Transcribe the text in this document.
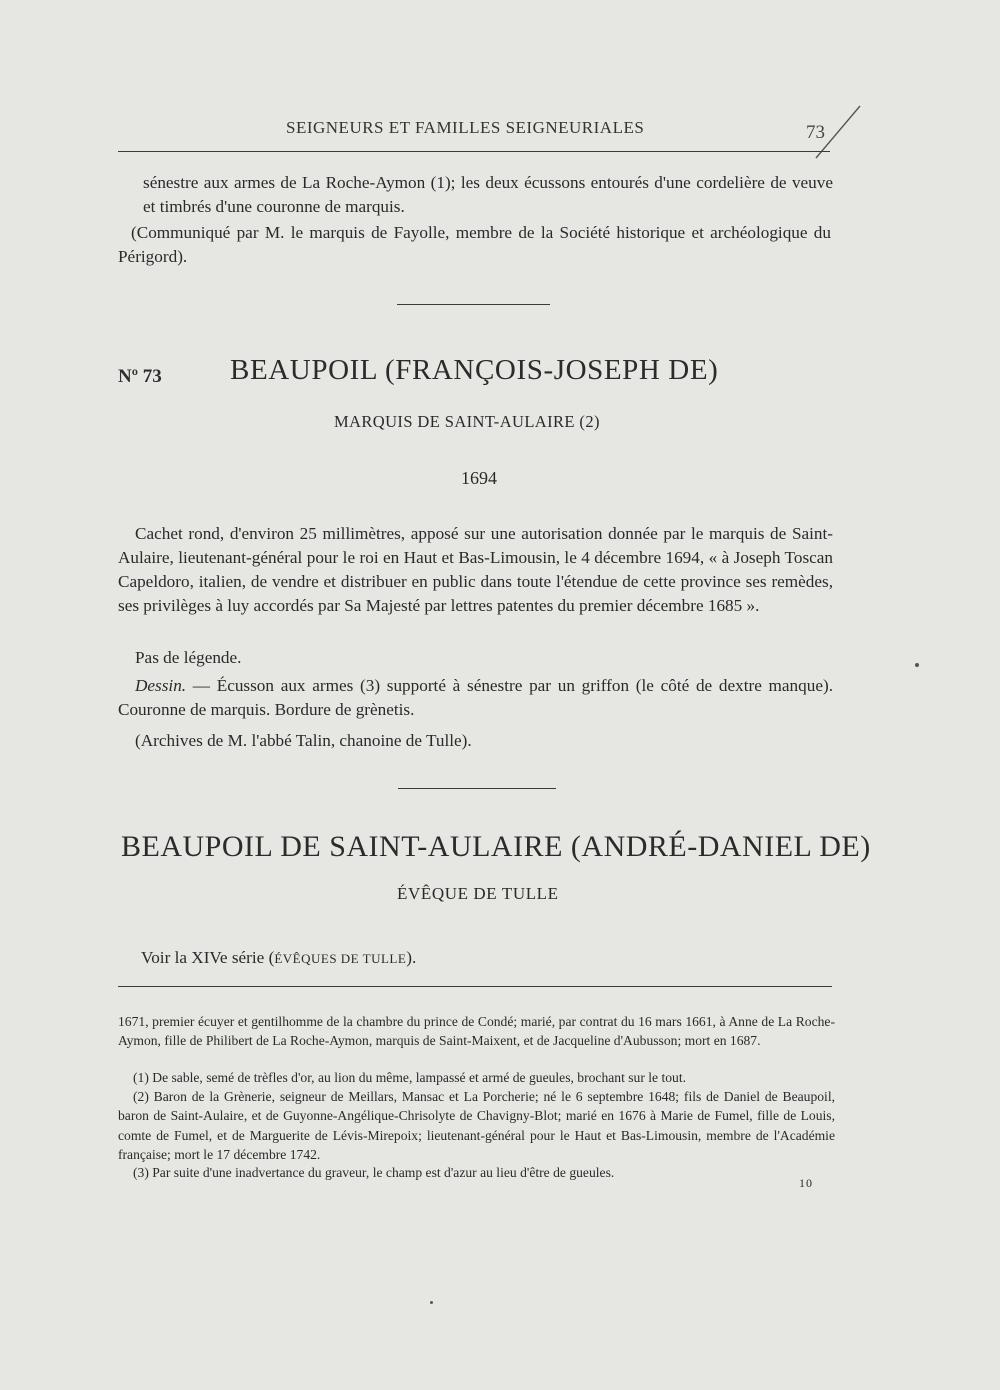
SEIGNEURS ET FAMILLES SEIGNEURIALES	73

sénestre aux armes de La Roche-Aymon (1); les deux écussons entourés d'une cordelière de veuve et timbrés d'une couronne de marquis.

(Communiqué par M. le marquis de Fayolle, membre de la Société historique et archéologique du Périgord).

Nº 73 BEAUPOIL (FRANÇOIS-JOSEPH DE)
MARQUIS DE SAINT-AULAIRE (2)
1694

Cachet rond, d'environ 25 millimètres, apposé sur une autorisation donnée par le marquis de Saint-Aulaire, lieutenant-général pour le roi en Haut et Bas-Limousin, le 4 décembre 1694, « à Joseph Toscan Capeldoro, italien, de vendre et distribuer en public dans toute l'étendue de cette province ses remèdes, ses privilèges à luy accordés par Sa Majesté par lettres patentes du premier décembre 1685 ».

Pas de légende.

Dessin. — Écusson aux armes (3) supporté à sénestre par un griffon (le côté de dextre manque). Couronne de marquis. Bordure de grènetis.

(Archives de M. l'abbé Talin, chanoine de Tulle).

BEAUPOIL DE SAINT-AULAIRE (ANDRÉ-DANIEL DE)
ÉVÊQUE DE TULLE

Voir la XIVe série (ÉVÊQUES DE TULLE).

1671, premier écuyer et gentilhomme de la chambre du prince de Condé; marié, par contrat du 16 mars 1661, à Anne de La Roche-Aymon, fille de Philibert de La Roche-Aymon, marquis de Saint-Maixent, et de Jacqueline d'Aubusson; mort en 1687.

(1) De sable, semé de trèfles d'or, au lion du même, lampassé et armé de gueules, brochant sur le tout.

(2) Baron de la Grènerie, seigneur de Meillars, Mansac et La Porcherie; né le 6 septembre 1648; fils de Daniel de Beaupoil, baron de Saint-Aulaire, et de Guyonne-Angélique-Chrisolyte de Chavigny-Blot; marié en 1676 à Marie de Fumel, fille de Louis, comte de Fumel, et de Marguerite de Lévis-Mirepoix; lieutenant-général pour le Haut et Bas-Limousin, membre de l'Académie française; mort le 17 décembre 1742.

(3) Par suite d'une inadvertance du graveur, le champ est d'azur au lieu d'être de gueules.

10
